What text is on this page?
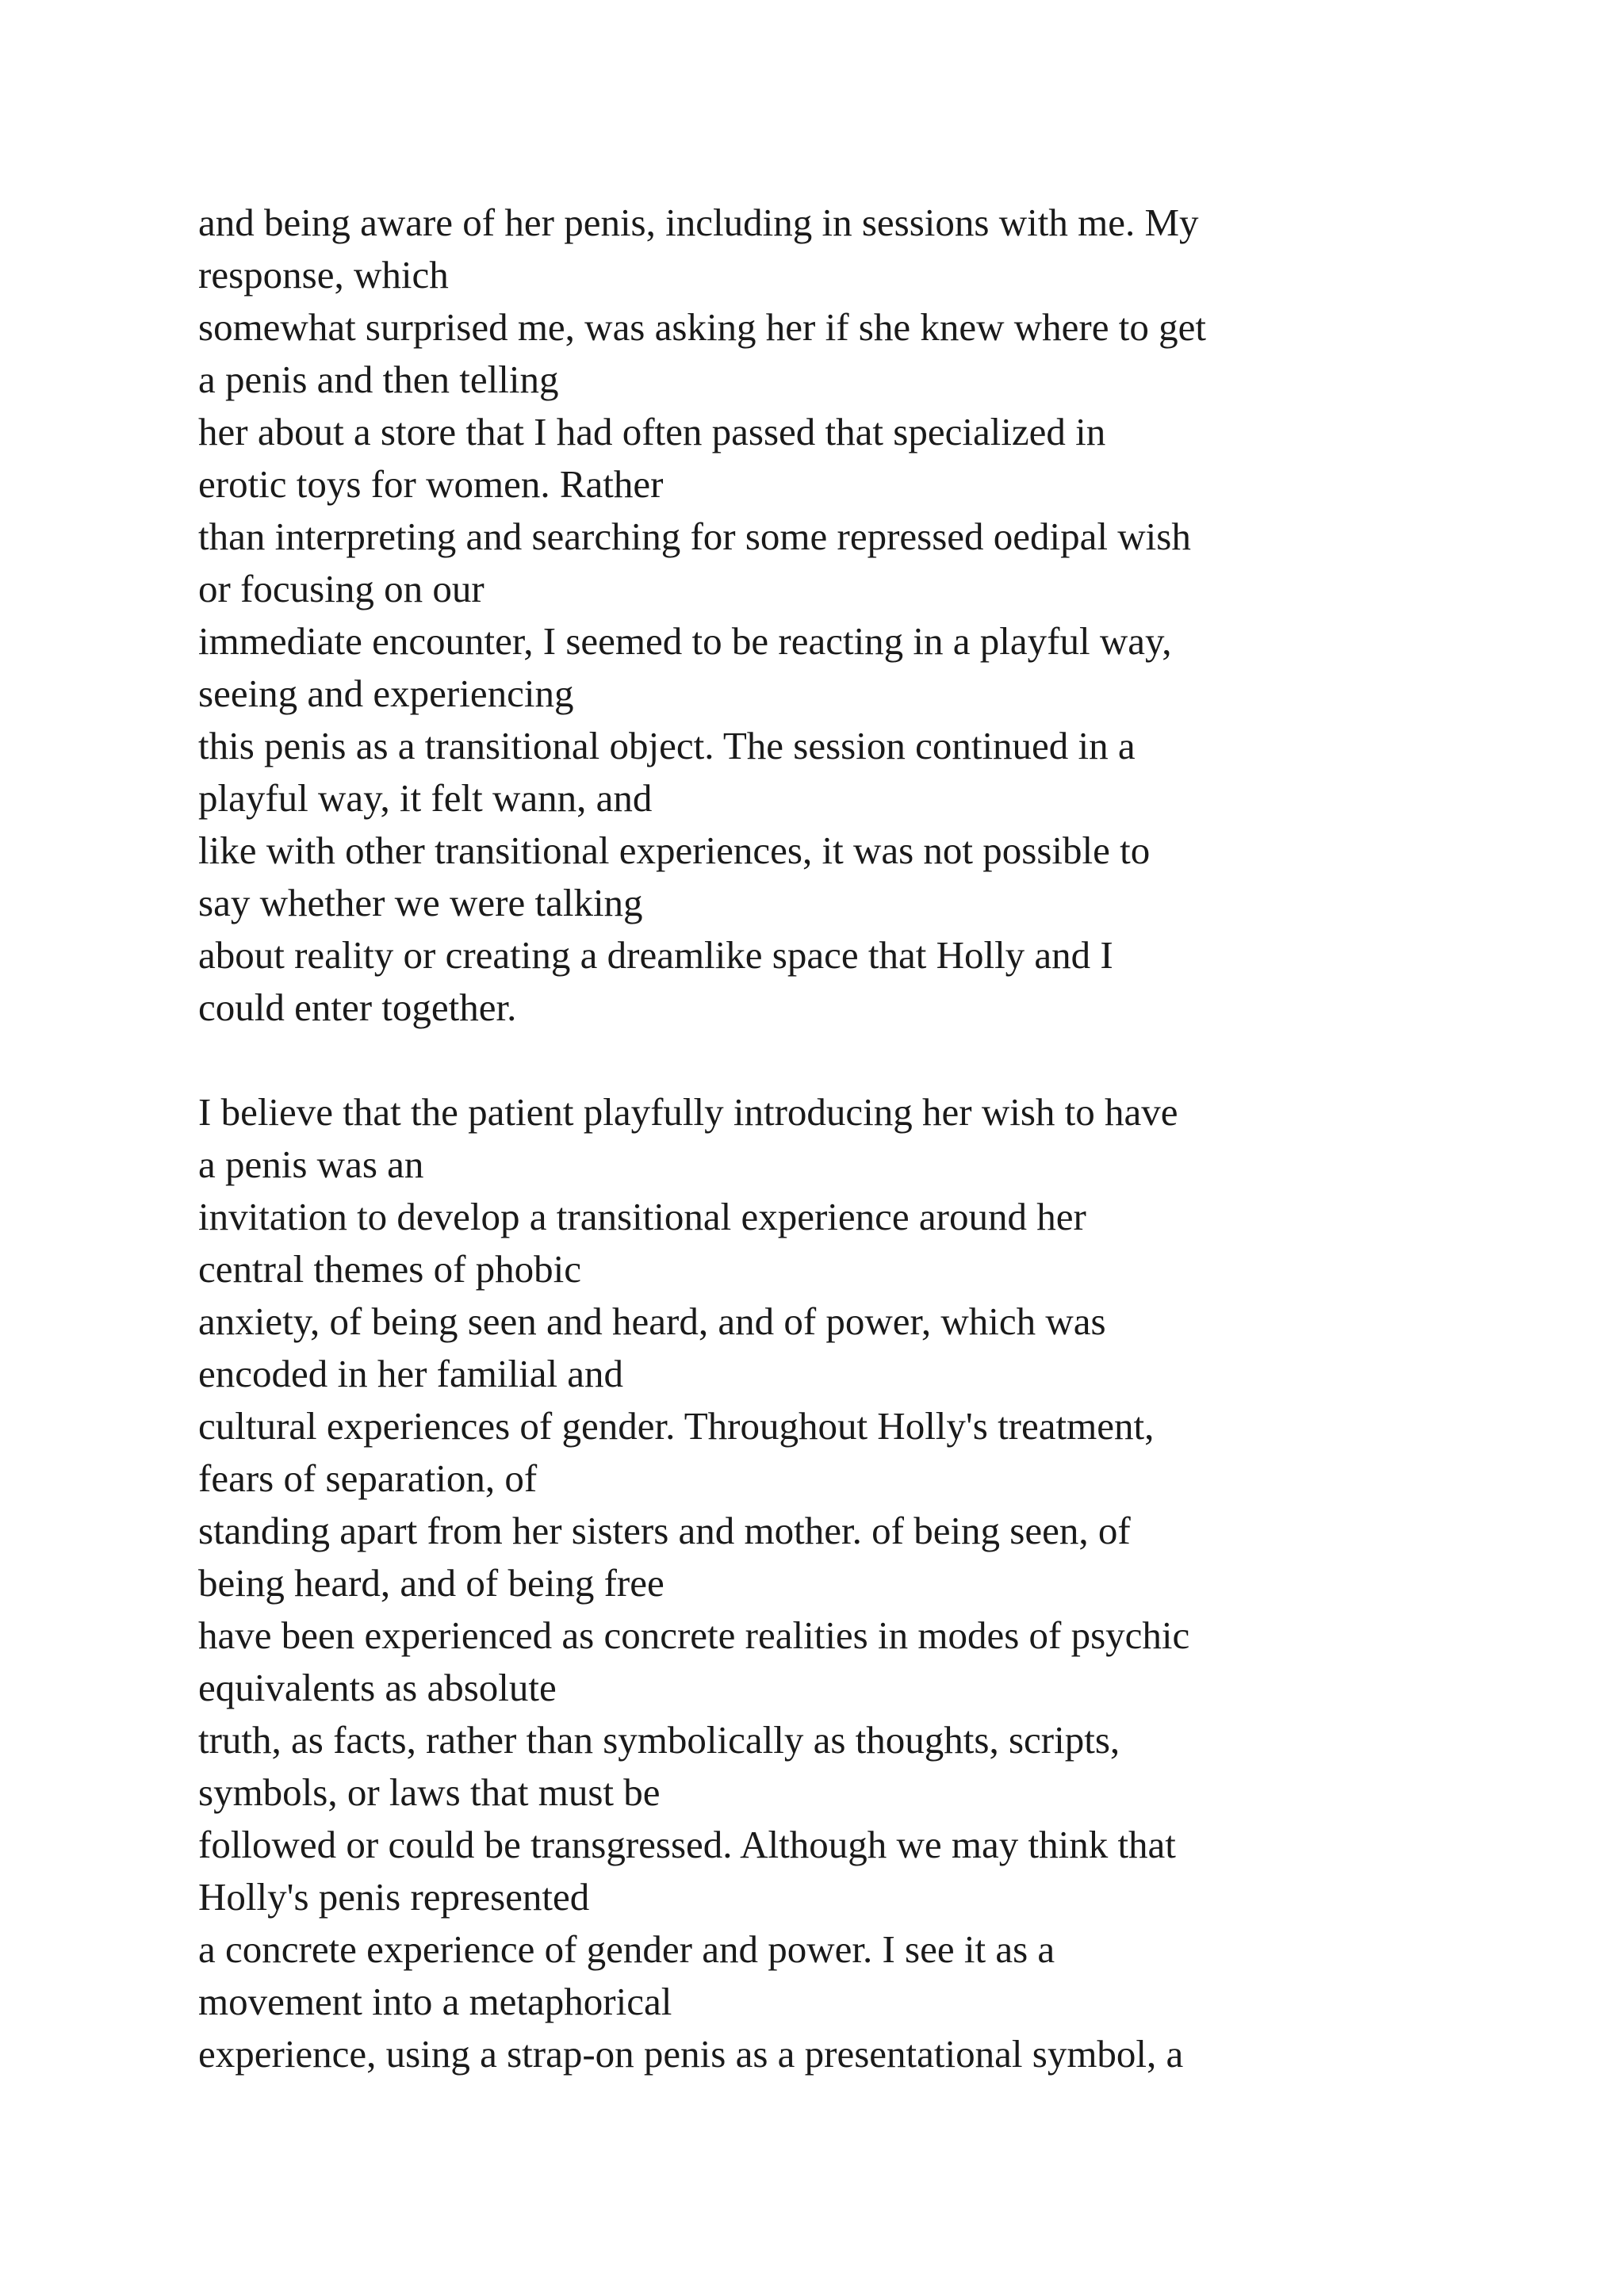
and being aware of her penis, including in sessions with me. My
response, which
somewhat surprised me, was asking her if she knew where to get
a penis and then telling
her about a store that I had often passed that specialized in
erotic toys for women. Rather
than interpreting and searching for some repressed oedipal wish
or focusing on our
immediate encounter, I seemed to be reacting in a playful way,
seeing and experiencing
this penis as a transitional object. The session continued in a
playful way, it felt wann, and
like with other transitional experiences, it was not possible to
say whether we were talking
about reality or creating a dreamlike space that Holly and I
could enter together.
I believe that the patient playfully introducing her wish to have
a penis was an
invitation to develop a transitional experience around her
central themes of phobic
anxiety, of being seen and heard, and of power, which was
encoded in her familial and
cultural experiences of gender. Throughout Holly's treatment,
fears of separation, of
standing apart from her sisters and mother. of being seen, of
being heard, and of being free
have been experienced as concrete realities in modes of psychic
equivalents as absolute
truth, as facts, rather than symbolically as thoughts, scripts,
symbols, or laws that must be
followed or could be transgressed. Although we may think that
Holly's penis represented
a concrete experience of gender and power. I see it as a
movement into a metaphorical
experience, using a strap-on penis as a presentational symbol, a
